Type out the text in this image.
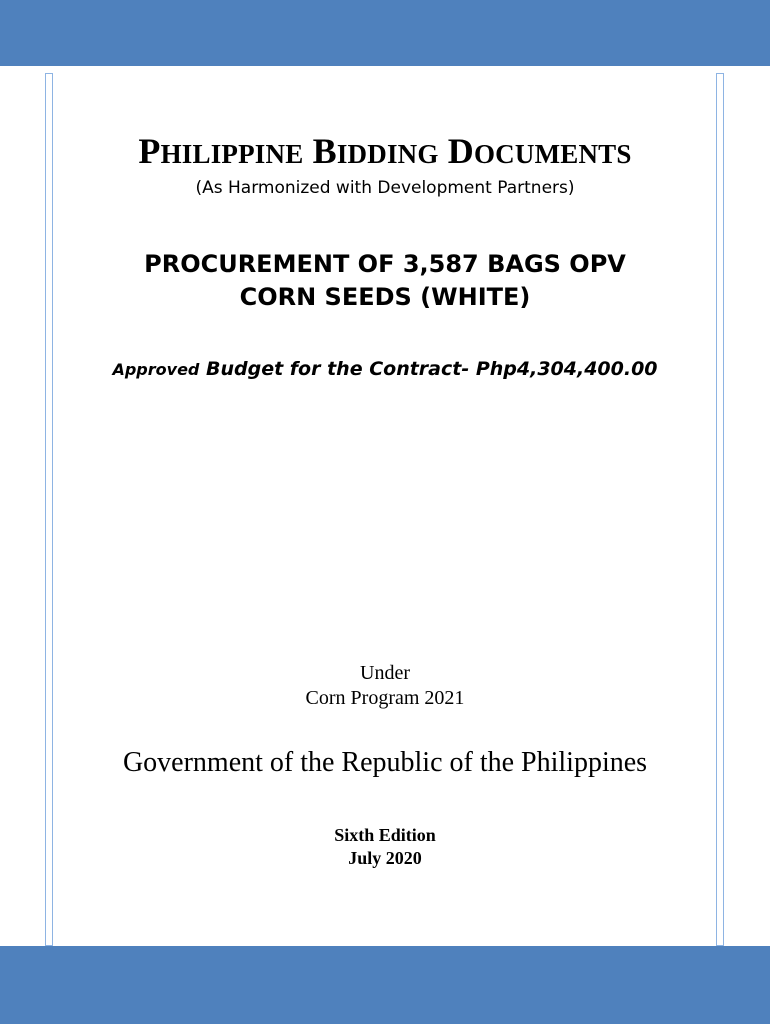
PHILIPPINE BIDDING DOCUMENTS

(As Harmonized with Development Partners)

PROCUREMENT OF 3,587 BAGS OPV
CORN SEEDS (WHITE)

Approved Budget for the Contract- Php4,304,400.00

Under
Corn Program 2021

Government of the Republic of the Philippines

Sixth Edition
July 2020
